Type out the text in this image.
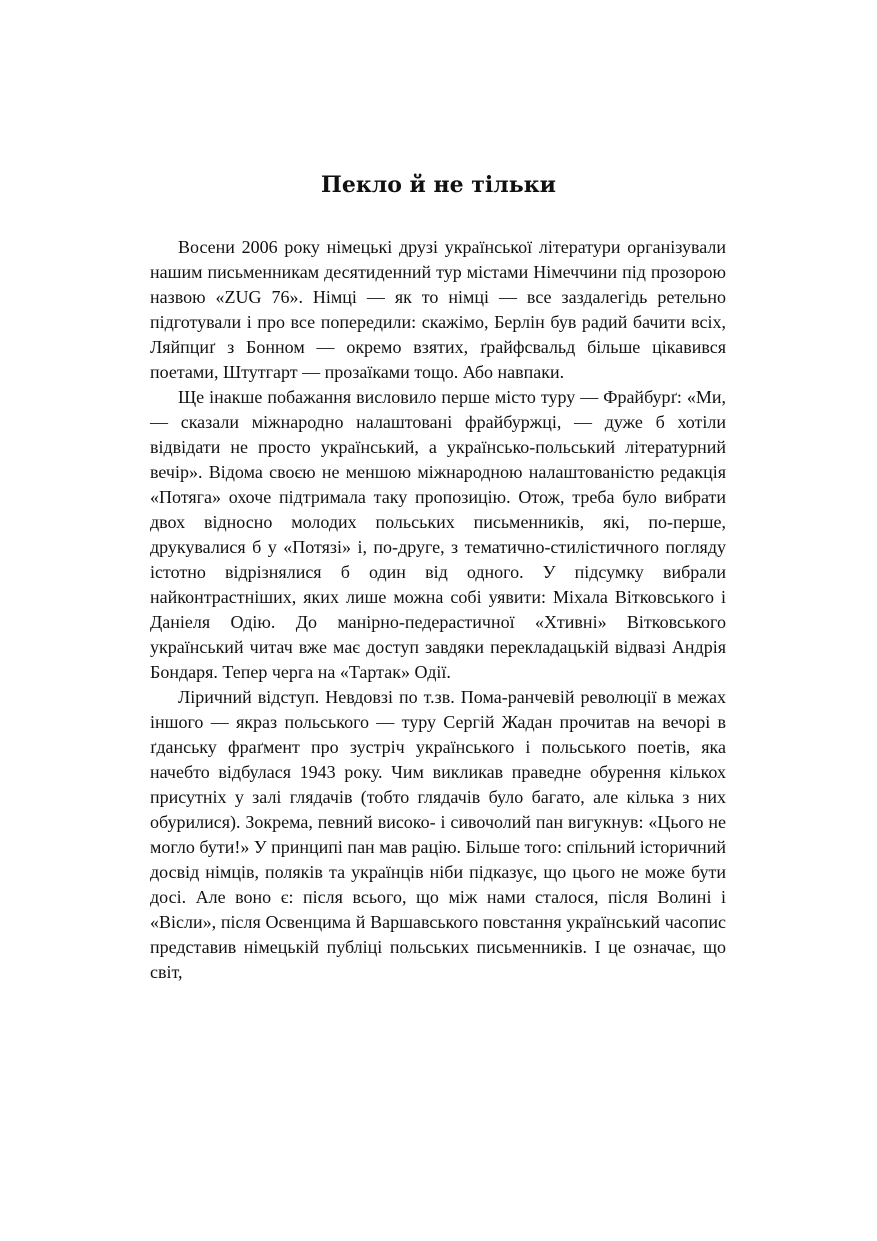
Пекло й не тільки

Восени 2006 року німецькі друзі української літератури організували нашим письменникам десятиденний тур містами Німеччини під прозорою назвою «ZUG 76». Німці — як то німці — все заздалегідь ретельно підготували і про все попередили: скажімо, Берлін був радий бачити всіх, Ляйпциґ з Бонном — окремо взятих, ґрайфсвальд більше цікавився поетами, Штутгарт — прозаїками тощо. Або навпаки.

Ще інакше побажання висловило перше місто туру — Фрайбурґ: «Ми, — сказали міжнародно налаштовані фрайбуржці, — дуже б хотіли відвідати не просто український, а українсько-польський літературний вечір». Відома своєю не меншою міжнародною налаштованістю редакція «Потяга» охоче підтримала таку пропозицію. Отож, треба було вибрати двох відносно молодих польських письменників, які, по-перше, друкувалися б у «Потязі» і, по-друге, з тематично-стилістичного погляду істотно відрізнялися б один від одного. У підсумку вибрали найконтрастніших, яких лише можна собі уявити: Міхала Вітковського і Даніеля Одію. До манірно-педерастичної «Хтивні» Вітковського український читач вже має доступ завдяки перекладацькій відвазі Андрія Бондаря. Тепер черга на «Тартак» Одії.

Ліричний відступ. Невдовзі по т.зв. Пома-ранчевій революції в межах іншого — якраз польського — туру Сергій Жадан прочитав на вечорі в ґданську фраґмент про зустріч українського і польського поетів, яка начебто відбулася 1943 року. Чим викликав праведне обурення кількох присутніх у залі глядачів (тобто глядачів було багато, але кілька з них обурилися). Зокрема, певний високо- і сивочолий пан вигукнув: «Цього не могло бути!» У принципі пан мав рацію. Більше того: спільний історичний досвід німців, поляків та українців ніби підказує, що цього не може бути досі. Але воно є: після всього, що між нами сталося, після Волині і «Вісли», після Освенцима й Варшавського повстання український часопис представив німецькій публіці польських письменників. І це означає, що світ,
